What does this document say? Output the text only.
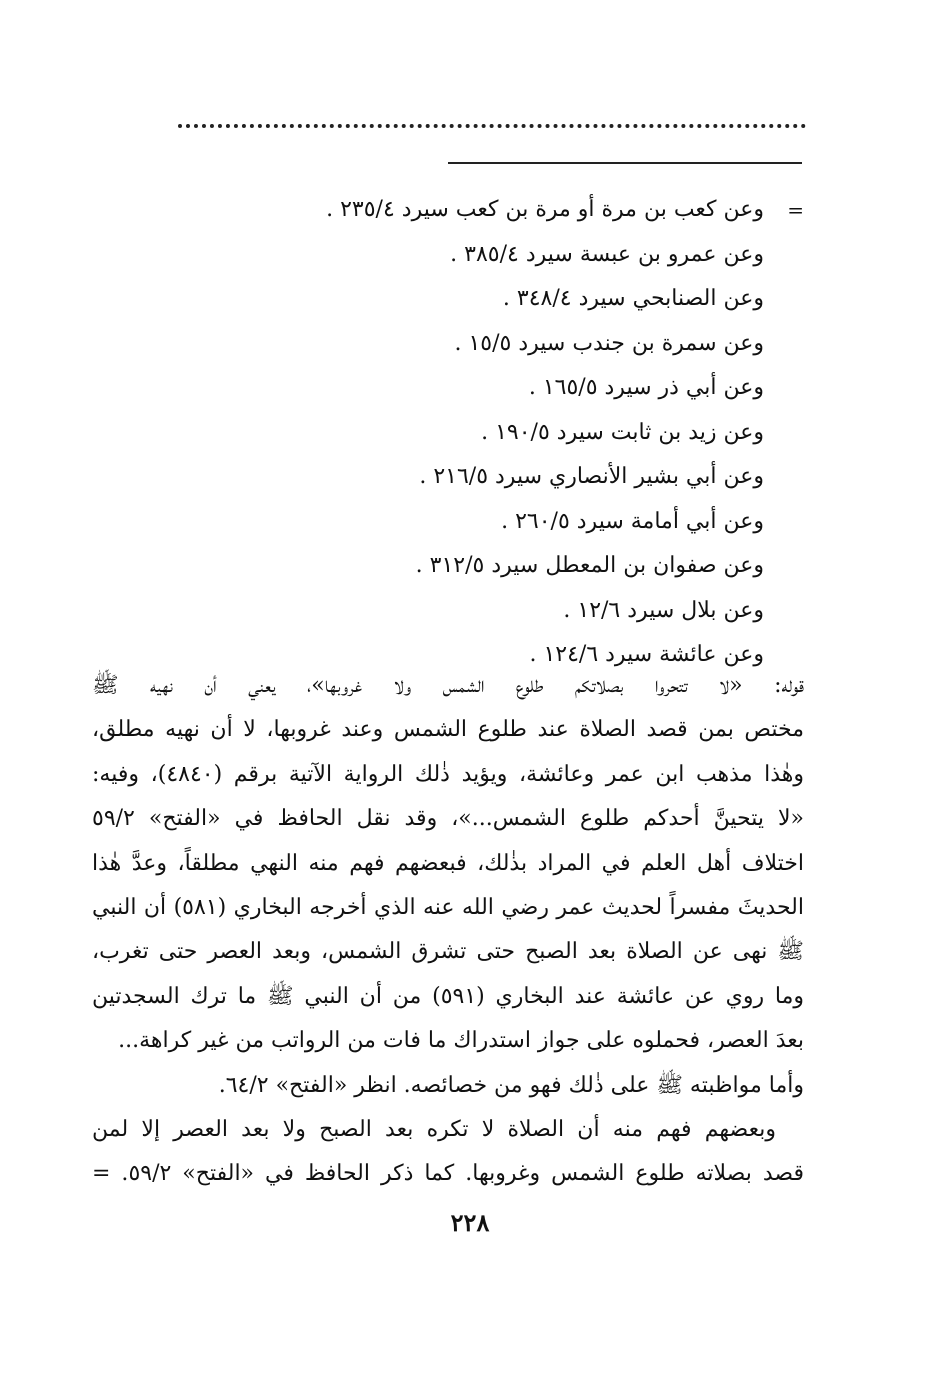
=
وعن كعب بن مرة أو مرة بن كعب سيرد ٢٣٥/٤ .
وعن عمرو بن عبسة سيرد ٣٨٥/٤ .
وعن الصنابحي سيرد ٣٤٨/٤ .
وعن سمرة بن جندب سيرد ١٥/٥ .
وعن أبي ذر سيرد ١٦٥/٥ .
وعن زيد بن ثابت سيرد ١٩٠/٥ .
وعن أبي بشير الأنصاري سيرد ٢١٦/٥ .
وعن أبي أمامة سيرد ٢٦٠/٥ .
وعن صفوان بن المعطل سيرد ٣١٢/٥ .
وعن بلال سيرد ١٢/٦ .
وعن عائشة سيرد ١٢٤/٦ .
قوله: «لا تتحروا بصلاتكم طلوع الشمس ولا غروبها»، يعني أن نهيه ﷺ
مختص بمن قصد الصلاة عند طلوع الشمس وعند غروبها، لا أن نهيه مطلق،
وهٰذا مذهب ابن عمر وعائشة، ويؤيد ذٰلك الرواية الآتية برقم (٤٨٤٠)، وفيه:
«لا يتحينَّ أحدكم طلوع الشمس...»، وقد نقل الحافظ في «الفتح» ٥٩/٢
اختلاف أهل العلم في المراد بذٰلك، فبعضهم فهم منه النهي مطلقاً، وعدَّ هٰذا
الحديثَ مفسراً لحديث عمر رضي الله عنه الذي أخرجه البخاري (٥٨١) أن النبي
ﷺ نهى عن الصلاة بعد الصبح حتى تشرق الشمس، وبعد العصر حتى تغرب،
وما روي عن عائشة عند البخاري (٥٩١) من أن النبي ﷺ ما ترك السجدتين
بعدَ العصر، فحملوه على جواز استدراك ما فات من الرواتب من غير كراهة...
وأما مواظبته ﷺ على ذٰلك فهو من خصائصه. انظر «الفتح» ٦٤/٢.
وبعضهم فهم منه أن الصلاة لا تكره بعد الصبح ولا بعد العصر إلا لمن
قصد بصلاته طلوع الشمس وغروبها. كما ذكر الحافظ في «الفتح» ٥٩/٢. =
٢٢٨
